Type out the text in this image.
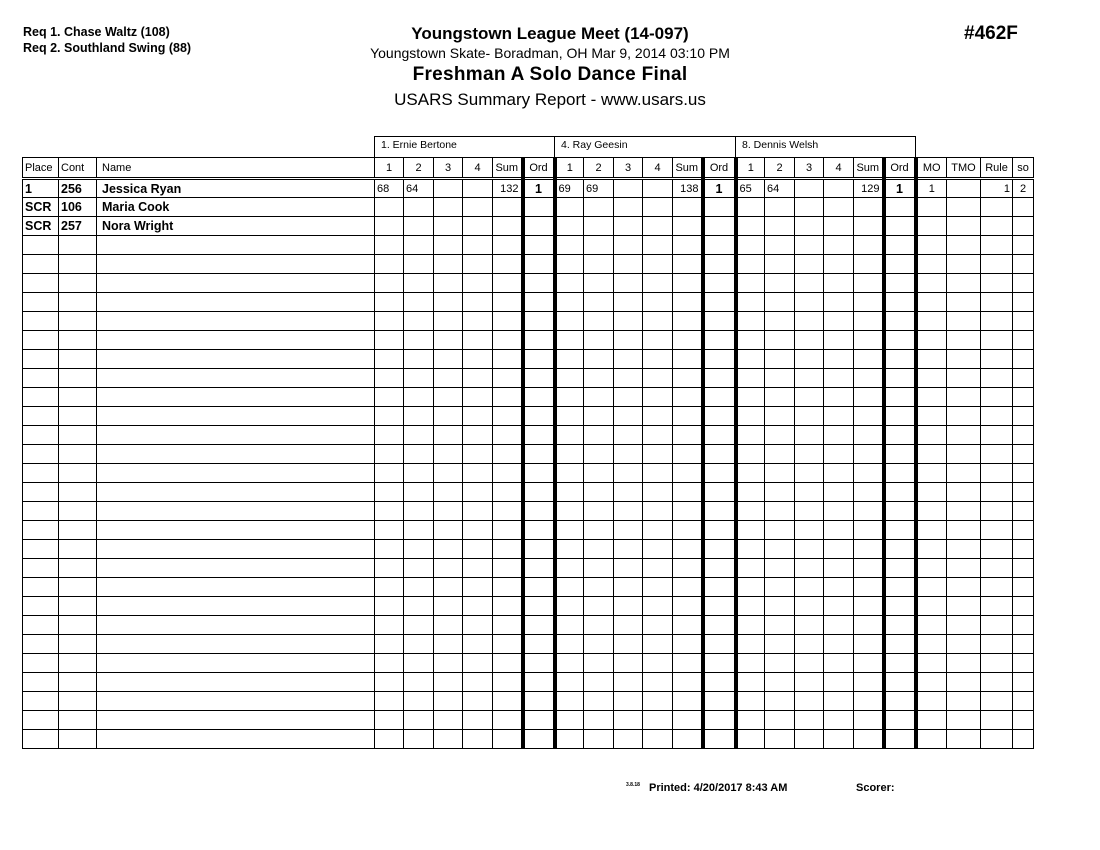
Req 1. Chase Waltz (108)
Req 2. Southland Swing (88)
Youngstown League Meet (14-097)
Youngstown Skate- Boradman, OH Mar 9, 2014 03:10 PM
Freshman A Solo Dance Final
USARS Summary Report - www.usars.us
#462F
1. Ernie Bertone	4. Ray Geesin	8. Dennis Welsh
Place	Cont	Name	1	2	3	4	Sum	Ord	1	2	3	4	Sum	Ord	1	2	3	4	Sum	Ord	MO	TMO	Rule	so
1	256	Jessica Ryan	68	64			132	1	69	69			138	1	65	64			129	1	1		1	2
SCR	106	Maria Cook																						
SCR	257	Nora Wright																						

3.8.18 Printed: 4/20/2017 8:43 AM	Scorer:
